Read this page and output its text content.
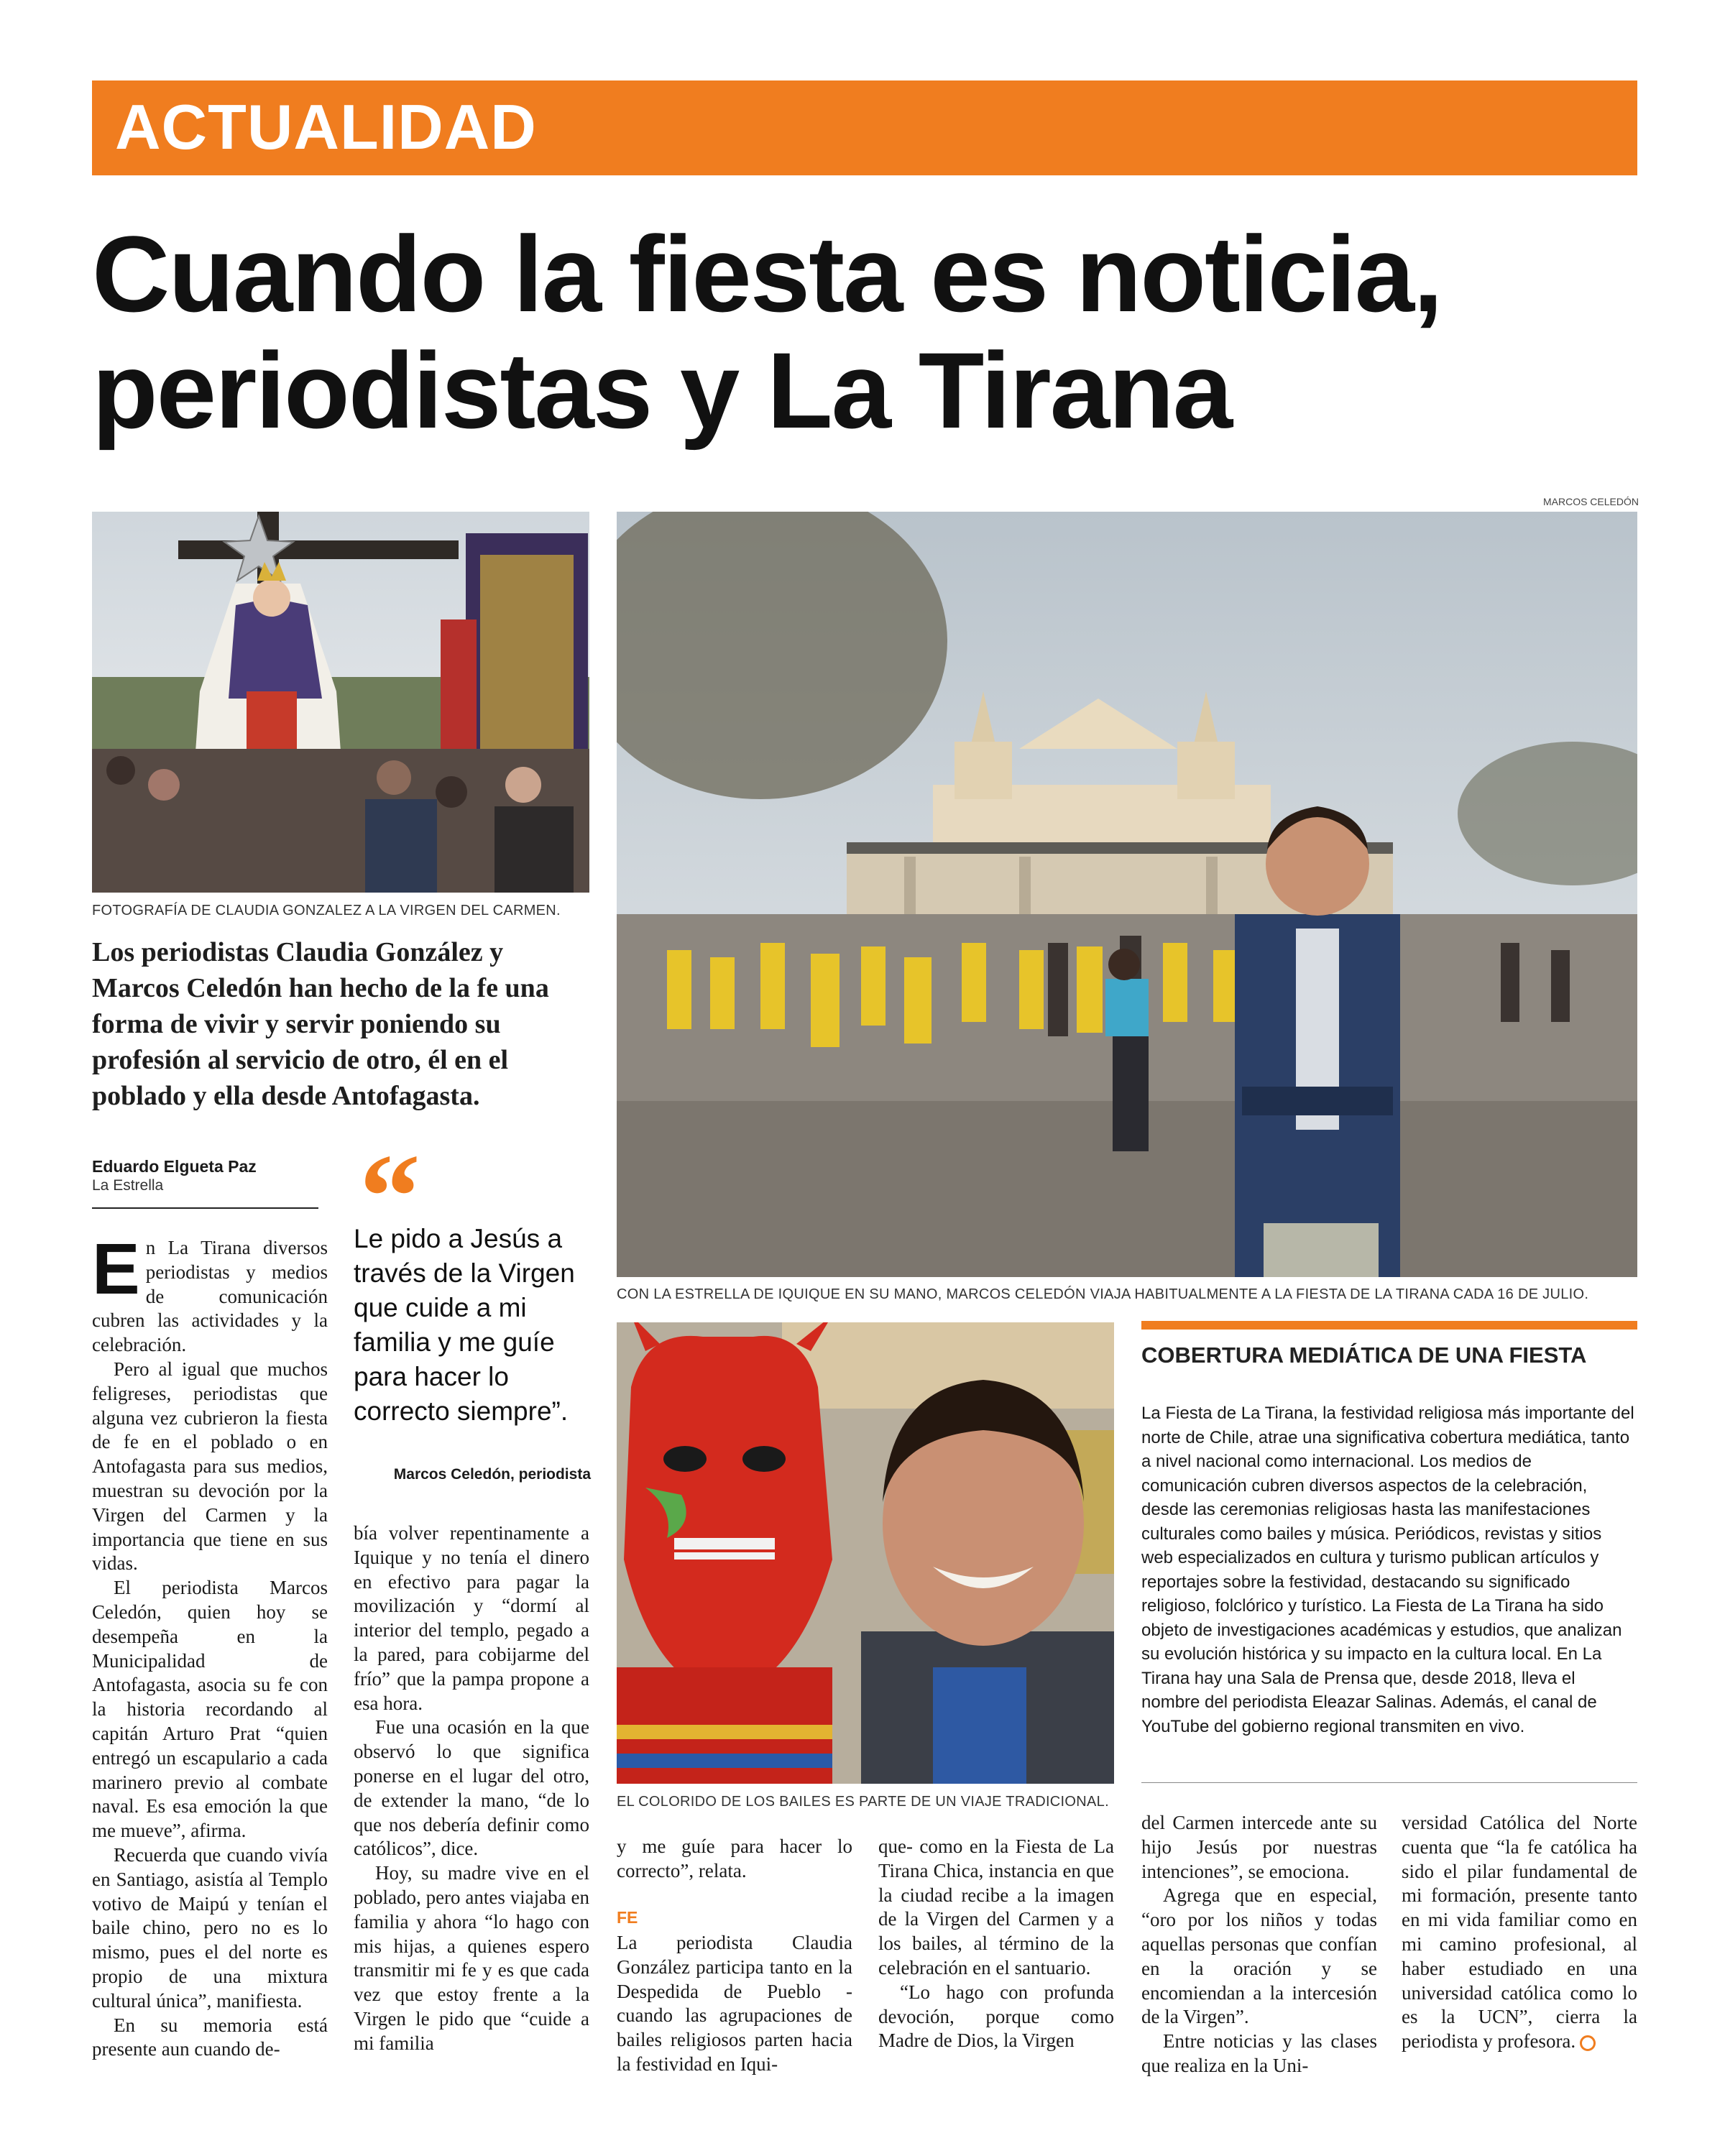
ACTUALIDAD
Cuando la fiesta es noticia,
periodistas y La Tirana
FOTOGRAFÍA DE CLAUDIA GONZALEZ A LA VIRGEN DEL CARMEN.
MARCOS CELEDÓN
CON LA ESTRELLA DE IQUIQUE EN SU MANO, MARCOS CELEDÓN VIAJA HABITUALMENTE A LA FIESTA DE LA TIRANA CADA 16 DE JULIO.
EL COLORIDO DE LOS BAILES ES PARTE DE UN VIAJE TRADICIONAL.
Los periodistas Claudia González y Marcos Celedón han hecho de la fe una forma de vivir y servir poniendo su profesión al servicio de otro, él en el poblado y ella desde Antofagasta.
Eduardo Elgueta Paz
La Estrella “
Le pido a Jesús a través de la Virgen que cuide a mi familia y me guíe para hacer lo correcto siempre”.
Marcos Celedón, periodista

En La Tirana diversos periodistas y medios de comunicación cubren las actividades y la celebración.

Pero al igual que muchos feligreses, periodistas que alguna vez cubrieron la fiesta de fe en el poblado o en Antofagasta para sus medios, muestran su devoción por la Virgen del Carmen y la importancia que tiene en sus vidas.

El periodista Marcos Celedón, quien hoy se desempeña en la Municipalidad de Antofagasta, asocia su fe con la historia recordando al capitán Arturo Prat “quien entregó un escapulario a cada marinero previo al combate naval. Es esa emoción la que me mueve”, afirma.

Recuerda que cuando vivía en Santiago, asistía al Templo votivo de Maipú y tenían el baile chino, pero no es lo mismo, pues el del norte es propio de una mixtura cultural única”, manifiesta.

En su memoria está presente aun cuando de-

bía volver repentinamente a Iquique y no tenía el dinero en efectivo para pagar la movilización y “dormí al interior del templo, pegado a la pared, para cobijarme del frío” que la pampa propone a esa hora.

Fue una ocasión en la que observó lo que significa ponerse en el lugar del otro, de extender la mano, “de lo que nos debería definir como católicos”, dice.

Hoy, su madre vive en el poblado, pero antes viajaba en familia y ahora “lo hago con mis hijas, a quienes espero transmitir mi fe y es que cada vez que estoy frente a la Virgen le pido que “cuide a mi familia

y me guíe para hacer lo correcto”, relata.

FE

La periodista Claudia González participa tanto en la Despedida de Pueblo - cuando las agrupaciones de bailes religiosos parten hacia la festividad en Iqui-

que- como en la Fiesta de La Tirana Chica, instancia en que la ciudad recibe a la imagen de la Virgen del Carmen y a los bailes, al término de la celebración en el santuario.

“Lo hago con profunda devoción, porque como Madre de Dios, la Virgen

del Carmen intercede ante su hijo Jesús por nuestras intenciones”, se emociona.

Agrega que en especial, “oro por los niños y todas aquellas personas que confían en la oración y se encomiendan a la intercesión de la Virgen”.

Entre noticias y las clases que realiza en la Uni-

versidad Católica del Norte cuenta que “la fe católica ha sido el pilar fundamental de mi formación, presente tanto en mi vida familiar como en mi camino profesional, al haber estudiado en una universidad católica como lo es la UCN”, cierra la periodista y profesora.

COBERTURA MEDIÁTICA DE UNA FIESTA
La Fiesta de La Tirana, la festividad religiosa más importante del norte de Chile, atrae una significativa cobertura mediática, tanto a nivel nacional como internacional. Los medios de comunicación cubren diversos aspectos de la celebración, desde las ceremonias religiosas hasta las manifestaciones culturales como bailes y música. Periódicos, revistas y sitios web especializados en cultura y turismo publican artículos y reportajes sobre la festividad, destacando su significado religioso, folclórico y turístico. La Fiesta de La Tirana ha sido objeto de investigaciones académicas y estudios, que analizan su evolución histórica y su impacto en la cultura local. En La Tirana hay una Sala de Prensa que, desde 2018, lleva el nombre del periodista Eleazar Salinas. Además, el canal de YouTube del gobierno regional transmiten en vivo.
